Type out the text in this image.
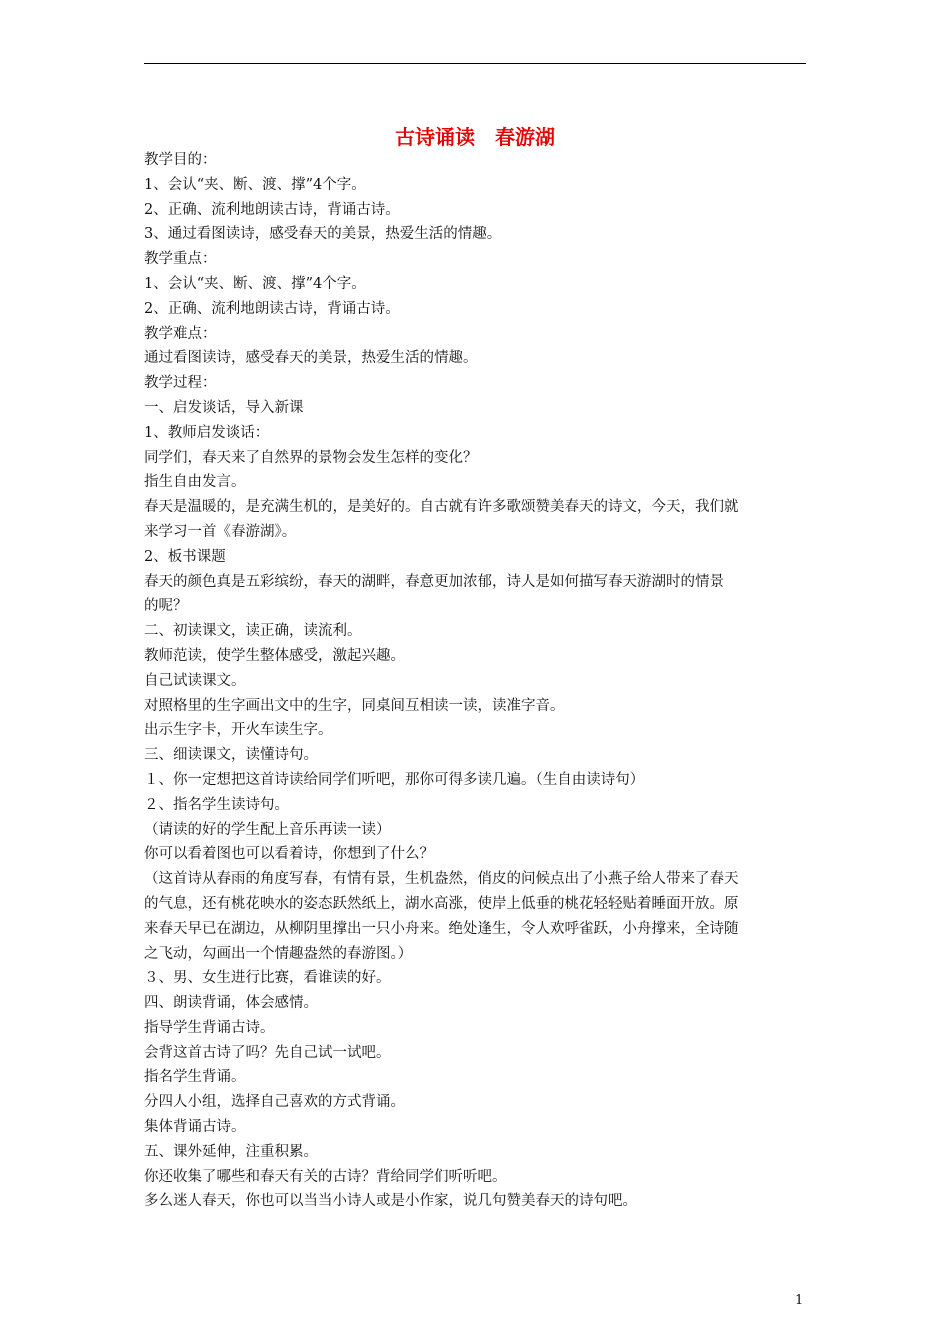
古诗诵读　春游湖
教学目的：
1、会认“夹、断、渡、撑”4个字。
2、正确、流利地朗读古诗，背诵古诗。
3、通过看图读诗，感受春天的美景，热爱生活的情趣。
教学重点：
1、会认“夹、断、渡、撑”4个字。
2、正确、流利地朗读古诗，背诵古诗。
教学难点：
通过看图读诗，感受春天的美景，热爱生活的情趣。
教学过程：
一、启发谈话，导入新课
1、教师启发谈话：
同学们，春天来了自然界的景物会发生怎样的变化？
指生自由发言。
春天是温暖的，是充满生机的，是美好的。自古就有许多歌颂赞美春天的诗文，今天，我们就
来学习一首《春游湖》。
2、板书课题
春天的颜色真是五彩缤纷，春天的湖畔，春意更加浓郁，诗人是如何描写春天游湖时的情景
的呢？
二、初读课文，读正确，读流利。
教师范读，使学生整体感受，激起兴趣。
自己试读课文。
对照格里的生字画出文中的生字，同桌间互相读一读，读准字音。
出示生字卡，开火车读生字。
三、细读课文，读懂诗句。
１、你一定想把这首诗读给同学们听吧，那你可得多读几遍。（生自由读诗句）
２、指名学生读诗句。
（请读的好的学生配上音乐再读一读）
你可以看着图也可以看着诗，你想到了什么？
（这首诗从春雨的角度写春，有情有景，生机盎然，俏皮的问候点出了小燕子给人带来了春天
的气息，还有桃花映水的姿态跃然纸上，湖水高涨，使岸上低垂的桃花轻轻贴着睡面开放。原
来春天早已在湖边，从柳阴里撑出一只小舟来。绝处逢生，令人欢呼雀跃，小舟撑来，全诗随
之飞动，勾画出一个情趣盎然的春游图。）
３、男、女生进行比赛，看谁读的好。
四、朗读背诵，体会感情。
指导学生背诵古诗。
会背这首古诗了吗？先自己试一试吧。
指名学生背诵。
分四人小组，选择自己喜欢的方式背诵。
集体背诵古诗。
五、课外延伸，注重积累。
你还收集了哪些和春天有关的古诗？背给同学们听听吧。
多么迷人春天，你也可以当当小诗人或是小作家，说几句赞美春天的诗句吧。
1
